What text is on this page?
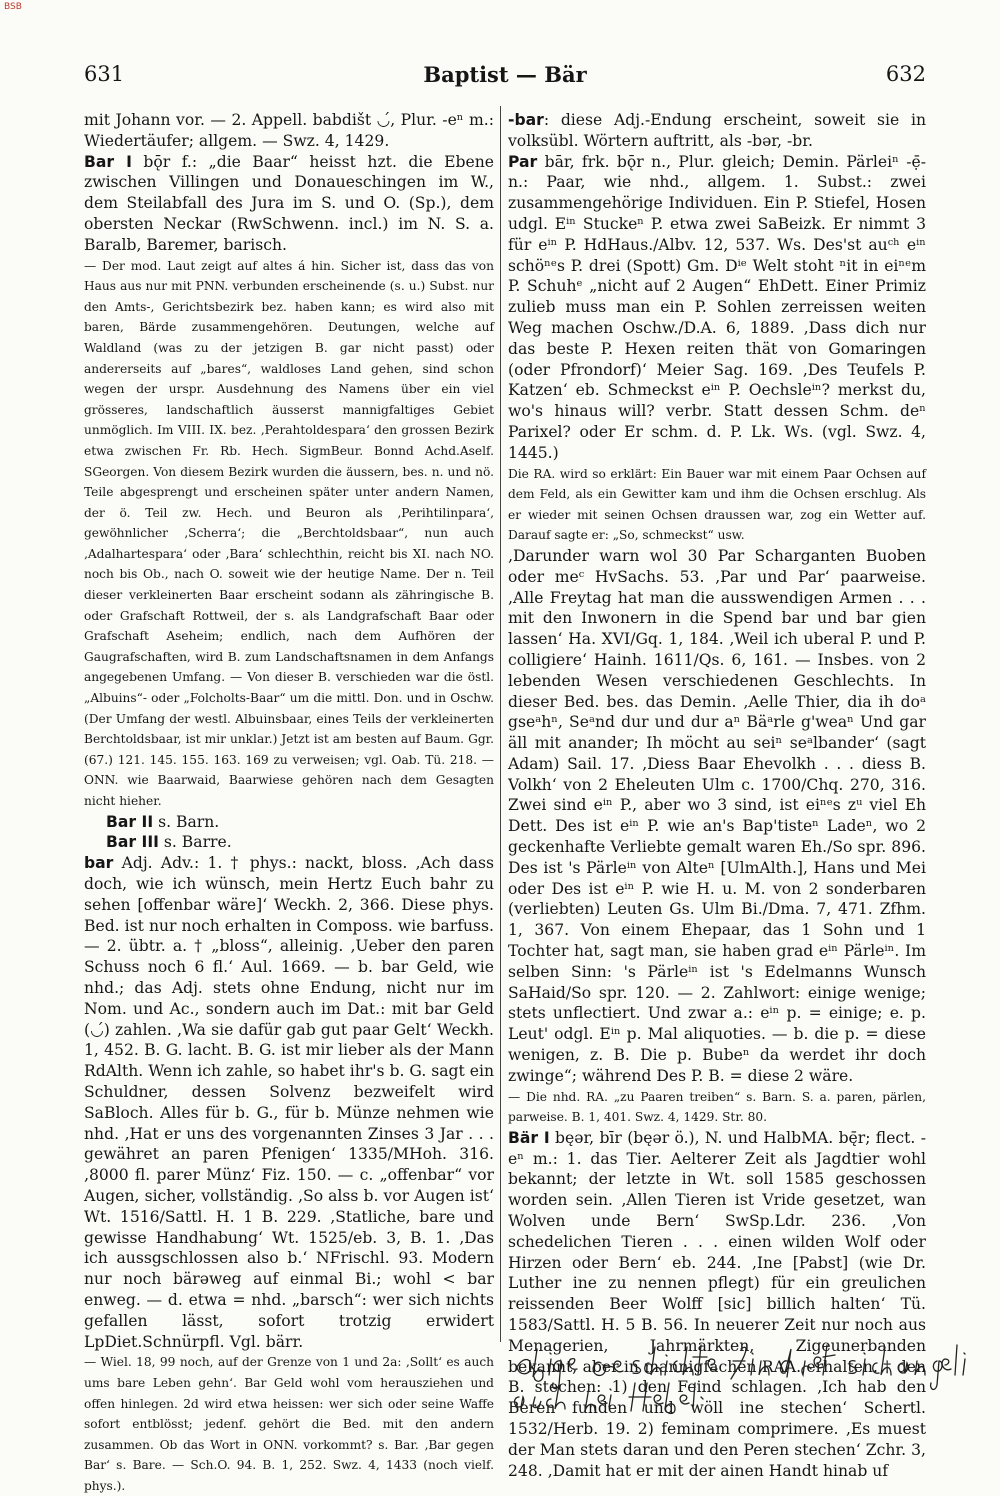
BSB
631	Baptist — Bär	632

mit Johann vor. — 2. Appell. babdišt ◡́, Plur. -eⁿ m.: Wiedertäufer; allgem. — Swz. 4, 1429.

Bar I bǭr f.: „die Baar“ heisst hzt. die Ebene zwischen Villingen und Donaueschingen im W., dem Steilabfall des Jura im S. und O. (Sp.), dem obersten Neckar (RwSchwenn. incl.) im N. S. a. Baralb, Baremer, barisch.

— Der mod. Laut zeigt auf altes á hin. Sicher ist, dass das von Haus aus nur mit PNN. verbunden erscheinende (s. u.) Subst. nur den Amts-, Gerichtsbezirk bez. haben kann; es wird also mit baren, Bärde zusammengehören. Deutungen, welche auf Waldland (was zu der jetzigen B. gar nicht passt) oder andererseits auf „bares“, waldloses Land gehen, sind schon wegen der urspr. Ausdehnung des Namens über ein viel grösseres, landschaftlich äusserst mannigfaltiges Gebiet unmöglich. Im VIII. IX. bez. ‚Perahtoldespara‘ den grossen Bezirk etwa zwischen Fr. Rb. Hech. SigmBeur. Bonnd Achd.Aself. SGeorgen. Von diesem Bezirk wurden die äussern, bes. n. und nö. Teile abgesprengt und erscheinen später unter andern Namen, der ö. Teil zw. Hech. und Beuron als ‚Perihtilinpara‘, gewöhnlicher ‚Scherra‘; die „Berchtoldsbaar“, nun auch ‚Adalhartespara‘ oder ‚Bara‘ schlechthin, reicht bis XI. nach NO. noch bis Ob., nach O. soweit wie der heutige Name. Der n. Teil dieser verkleinerten Baar erscheint sodann als zähringische B. oder Grafschaft Rottweil, der s. als Landgrafschaft Baar oder Grafschaft Aseheim; endlich, nach dem Aufhören der Gaugrafschaften, wird B. zum Landschaftsnamen in dem Anfangs angegebenen Umfang. — Von dieser B. verschieden war die östl. „Albuins“- oder „Folcholts-Baar“ um die mittl. Don. und in Oschw. (Der Umfang der westl. Albuinsbaar, eines Teils der verkleinerten Berchtoldsbaar, ist mir unklar.) Jetzt ist am besten auf Baum. Ggr. (67.) 121. 145. 155. 163. 169 zu verweisen; vgl. Oab. Tü. 218. — ONN. wie Baarwaid, Baarwiese gehören nach dem Gesagten nicht hieher.

Bar II s. Barn.

Bar III s. Barre.

bar Adj. Adv.: 1. † phys.: nackt, bloss. ‚Ach dass doch, wie ich wünsch, mein Hertz Euch bahr zu sehen [offenbar wäre]‘ Weckh. 2, 366. Diese phys. Bed. ist nur noch erhalten in Composs. wie barfuss. — 2. übtr. a. † „bloss“, alleinig. ‚Ueber den paren Schuss noch 6 fl.‘ Aul. 1669. — b. bar Geld, wie nhd.; das Adj. stets ohne Endung, nicht nur im Nom. und Ac., sondern auch im Dat.: mit bar Geld (◡́) zahlen. ‚Wa sie dafür gab gut paar Gelt‘ Weckh. 1, 452. B. G. lacht. B. G. ist mir lieber als der Mann RdAlth. Wenn ich zahle, so habet ihr's b. G. sagt ein Schuldner, dessen Solvenz bezweifelt wird SaBloch. Alles für b. G., für b. Münze nehmen wie nhd. ‚Hat er uns des vorgenannten Zinses 3 Jar . . . gewähret an paren Pfenigen‘ 1335/MHoh. 316. ‚8000 fl. parer Münz‘ Fiz. 150. — c. „offenbar“ vor Augen, sicher, vollständig. ‚So alss b. vor Augen ist‘ Wt. 1516/Sattl. H. 1 B. 229. ‚Statliche, bare und gewisse Handhabung‘ Wt. 1525/eb. 3, B. 1. ‚Das ich aussgschlossen also b.‘ NFrischl. 93. Modern nur noch bärəweg auf einmal Bi.; wohl < bar enweg. — d. etwa = nhd. „barsch“: wer sich nichts gefallen lässt, sofort trotzig erwidert LpDiet.Schnürpfl. Vgl. bärr.

— Wiel. 18, 99 noch, auf der Grenze von 1 und 2a: ‚Sollt‘ es auch ums bare Leben gehn‘. Bar Geld wohl vom herausziehen und offen hinlegen. 2d wird etwa heissen: wer sich oder seine Waffe sofort entblösst; jedenf. gehört die Bed. mit den andern zusammen. Ob das Wort in ONN. vorkommt? s. Bar. ‚Bar gegen Bar‘ s. Bare. — Sch.O. 94. B. 1, 252. Swz. 4, 1433 (noch vielf. phys.).

-bar: diese Adj.-Endung erscheint, soweit sie in volksübl. Wörtern auftritt, als -bər, -br.

Par bār, frk. bǭr n., Plur. gleich; Demin. Pärleiⁿ -ẹ̄- n.: Paar, wie nhd., allgem. 1. Subst.: zwei zusammengehörige Individuen. Ein P. Stiefel, Hosen udgl. Eⁱⁿ Stuckeⁿ P. etwa zwei SaBeizk. Er nimmt 3 für eⁱⁿ P. HdHaus./Albv. 12, 537. Ws. Des'st auᶜʰ eⁱⁿ schöⁿᵉs P. drei (Spott) Gm. Dⁱᵉ Welt stoht ⁿit in eiⁿᵉm P. Schuhᵉ „nicht auf 2 Augen“ EhDett. Einer Primiz zulieb muss man ein P. Sohlen zerreissen weiten Weg machen Oschw./D.A. 6, 1889. ‚Dass dich nur das beste P. Hexen reiten thät von Gomaringen (oder Pfrondorf)‘ Meier Sag. 169. ‚Des Teufels P. Katzen‘ eb. Schmeckst eⁱⁿ P. Oechsleⁱⁿ? merkst du, wo's hinaus will? verbr. Statt dessen Schm. deⁿ Parixel? oder Er schm. d. P. Lk. Ws. (vgl. Swz. 4, 1445.)

Die RA. wird so erklärt: Ein Bauer war mit einem Paar Ochsen auf dem Feld, als ein Gewitter kam und ihm die Ochsen erschlug. Als er wieder mit seinen Ochsen draussen war, zog ein Wetter auf. Darauf sagte er: „So, schmeckst“ usw.

‚Darunder warn wol 30 Par Scharganten Buoben oder meᶜ HvSachs. 53. ‚Par und Par‘ paarweise. ‚Alle Freytag hat man die ausswendigen Armen . . . mit den Inwonern in die Spend bar und bar gien lassen‘ Ha. XVI/Gq. 1, 184. ‚Weil ich uberal P. und P. colligiere‘ Hainh. 1611/Qs. 6, 161. — Insbes. von 2 lebenden Wesen verschiedenen Geschlechts. In dieser Bed. bes. das Demin. ‚Aelle Thier, dia ih doᵃ gseᵃhⁿ, Seᵃnd dur und dur aⁿ Bäᵃrle g'weaⁿ Und gar äll mit anander; Ih möcht au seiⁿ seᵃlbander‘ (sagt Adam) Sail. 17. ‚Diess Baar Ehevolkh . . . diess B. Volkh‘ von 2 Eheleuten Ulm c. 1700/Chq. 270, 316. Zwei sind eⁱⁿ P., aber wo 3 sind, ist eiⁿᵉs zᵘ viel Eh Dett. Des ist eⁱⁿ P. wie an's Bap'tisteⁿ Ladeⁿ, wo 2 geckenhafte Verliebte gemalt waren Eh./So spr. 896. Des ist 's Pärleⁱⁿ von Alteⁿ [UlmAlth.], Hans und Mei oder Des ist eⁱⁿ P. wie H. u. M. von 2 sonderbaren (verliebten) Leuten Gs. Ulm Bi./Dma. 7, 471. Zfhm. 1, 367. Von einem Ehepaar, das 1 Sohn und 1 Tochter hat, sagt man, sie haben grad eⁱⁿ Pärleⁱⁿ. Im selben Sinn: 's Pärleⁱⁿ ist 's Edelmanns Wunsch SaHaid/So spr. 120. — 2. Zahlwort: einige wenige; stets unflectiert. Und zwar a.: eⁱⁿ p. = einige; e. p. Leut' odgl. Eⁱⁿ p. Mal aliquoties. — b. die p. = diese wenigen, z. B. Die p. Bubeⁿ da werdet ihr doch zwinge“; während Des P. B. = diese 2 wäre.

— Die nhd. RA. „zu Paaren treiben“ s. Barn. S. a. paren, pärlen, parweise. B. 1, 401. Swz. 4, 1429. Str. 80.

Bär I bęər, bīr (bęər ö.), N. und HalbMA. bę̄r; flect. -eⁿ m.: 1. das Tier. Aelterer Zeit als Jagdtier wohl bekannt; der letzte in Wt. soll 1585 geschossen worden sein. ‚Allen Tieren ist Vride gesetzet, wan Wolven unde Bern‘ SwSp.Ldr. 236. ‚Von schedelichen Tieren . . . einen wilden Wolf oder Hirzen oder Bern‘ eb. 244. ‚Ine [Pabst] (wie Dr. Luther ine zu nennen pflegt) für ein greulichen reissenden Beer Wolff [sic] billich halten‘ Tü. 1583/Sattl. H. 5 B. 56. In neuerer Zeit nur noch aus Menagerien, Jahrmärkten, Zigeunerbanden bekannt, aber in mannigfachen RAA. erhalten. † den B. stechen: 1) den Feind schlagen. ‚Ich hab den Beren funden und wöll ine stechen‘ Schertl. 1532/Herb. 19. 2) feminam comprimere. ‚Es muest der Man stets daran und den Peren stechen‘ Zchr. 3, 248. ‚Damit hat er mit der ainen Handt hinab uf
